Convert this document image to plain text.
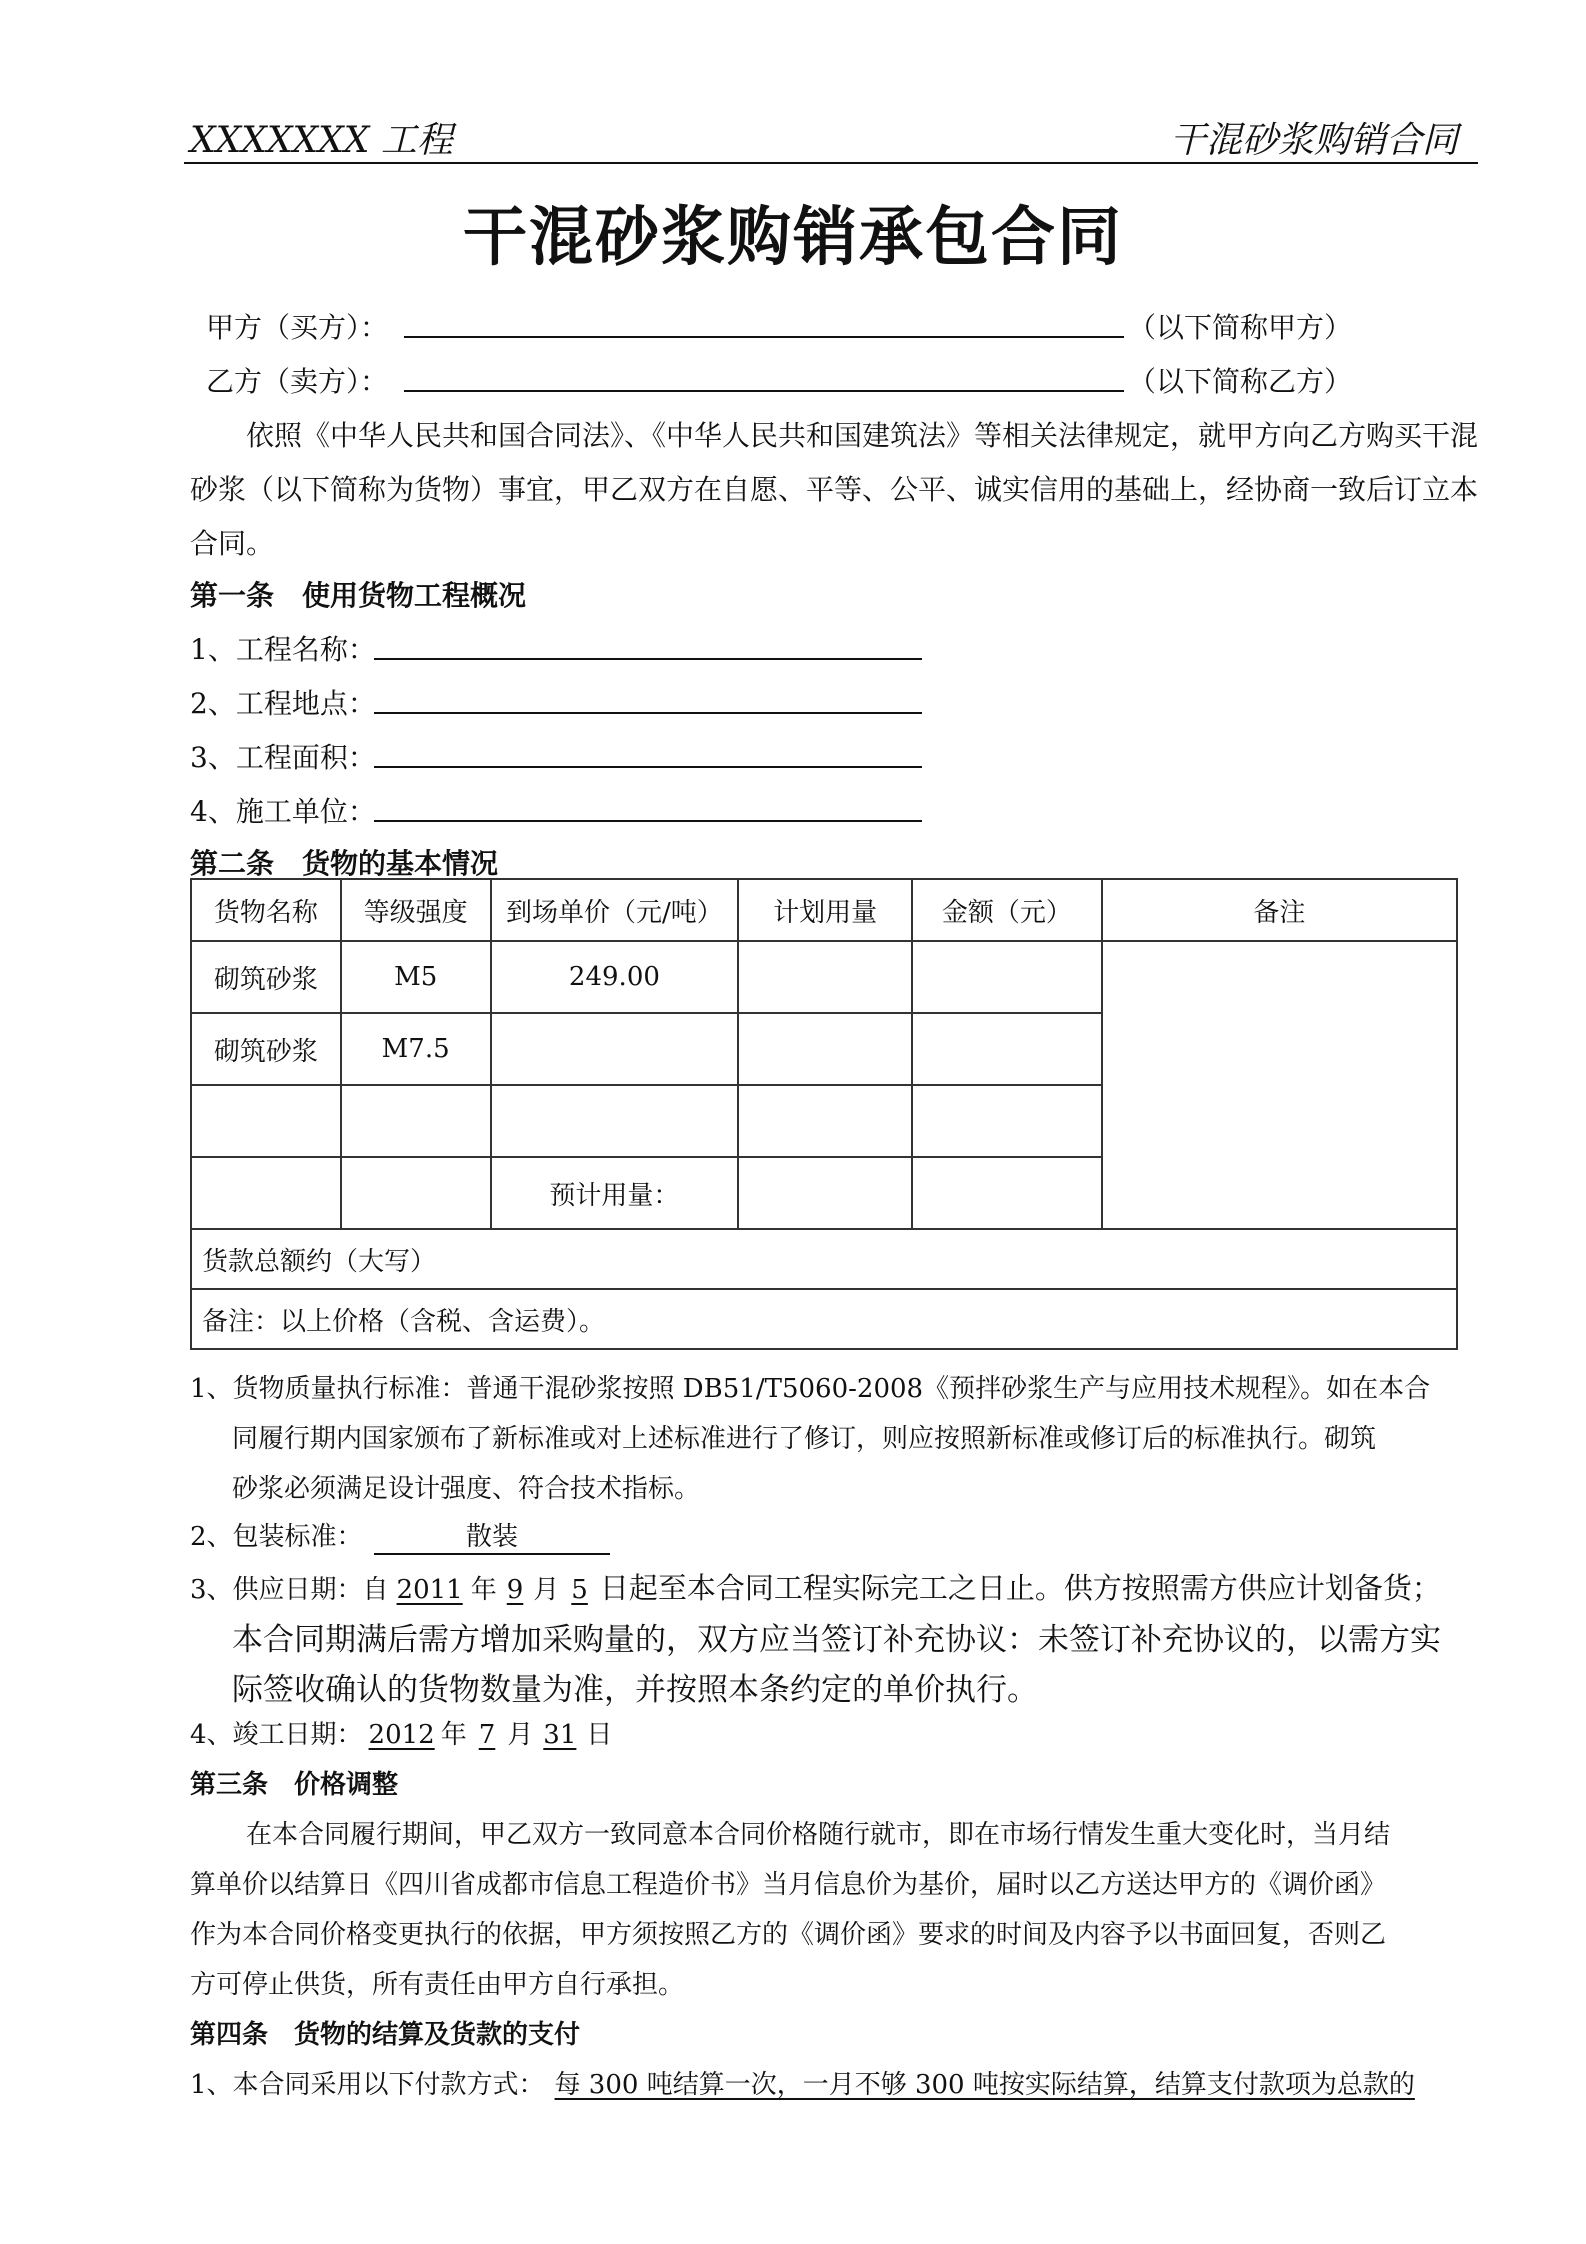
XXXXXXX 工程	干混砂浆购销合同
干混砂浆购销承包合同
甲方（买方）：	（以下简称甲方）
乙方（卖方）：	（以下简称乙方）
依照《中华人民共和国合同法》、《中华人民共和国建筑法》等相关法律规定，就甲方向乙方购买干混
砂浆（以下简称为货物）事宜，甲乙双方在自愿、平等、公平、诚实信用的基础上，经协商一致后订立本
合同。
第一条　使用货物工程概况
1、工程名称：
2、工程地点：
3、工程面积：
4、施工单位：
第二条　货物的基本情况
货物名称	等级强度	到场单价（元/吨）	计划用量	金额（元）	备注
砌筑砂浆	M5	249.00			
砌筑砂浆	M7.5				

		预计用量：			
货款总额约（大写）					
备注：以上价格（含税、含运费）。					
1、货物质量执行标准：普通干混砂浆按照 DB51/T5060-2008《预拌砂浆生产与应用技术规程》。如在本合
同履行期内国家颁布了新标准或对上述标准进行了修订，则应按照新标准或修订后的标准执行。砌筑
砂浆必须满足设计强度、符合技术指标。
2、包装标准：	散装
3、供应日期：自 2011 年 9 月 5 日起至本合同工程实际完工之日止。供方按照需方供应计划备货；
本合同期满后需方增加采购量的，双方应当签订补充协议：未签订补充协议的，以需方实
际签收确认的货物数量为准，并按照本条约定的单价执行。
4、竣工日期： 2012 年 7 月 31 日
第三条　价格调整
在本合同履行期间，甲乙双方一致同意本合同价格随行就市，即在市场行情发生重大变化时，当月结
算单价以结算日《四川省成都市信息工程造价书》当月信息价为基价，届时以乙方送达甲方的《调价函》
作为本合同价格变更执行的依据，甲方须按照乙方的《调价函》要求的时间及内容予以书面回复，否则乙
方可停止供货，所有责任由甲方自行承担。
第四条　货物的结算及货款的支付
1、本合同采用以下付款方式： 每 300 吨结算一次，一月不够 300 吨按实际结算，结算支付款项为总款的
